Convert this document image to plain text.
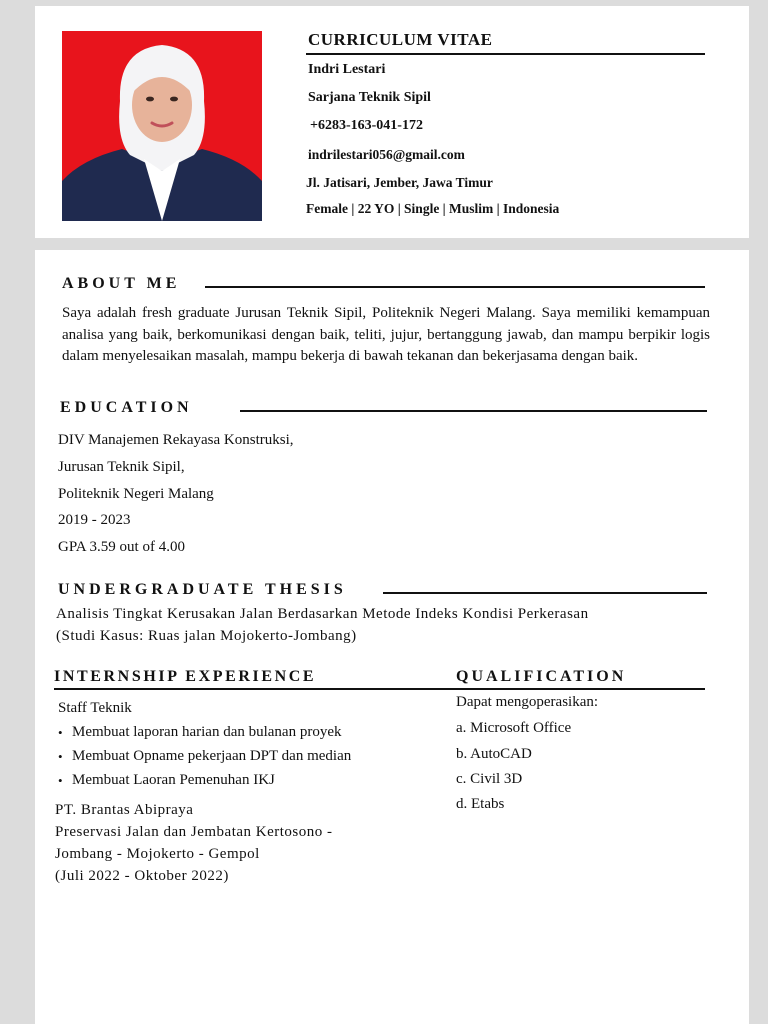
CURRICULUM VITAE
Indri Lestari
Sarjana Teknik Sipil
+6283-163-041-172
indrilestari056@gmail.com
Jl. Jatisari, Jember, Jawa Timur
Female | 22 YO | Single | Muslim | Indonesia
ABOUT ME
Saya adalah fresh graduate Jurusan Teknik Sipil, Politeknik Negeri Malang. Saya memiliki kemampuan analisa yang baik, berkomunikasi dengan baik, teliti, jujur, bertanggung jawab, dan mampu berpikir logis dalam menyelesaikan masalah, mampu bekerja di bawah tekanan dan bekerjasama dengan baik.
EDUCATION
DIV Manajemen Rekayasa Konstruksi,
Jurusan Teknik Sipil,
Politeknik Negeri Malang
2019 - 2023
GPA 3.59 out of 4.00
UNDERGRADUATE THESIS
Analisis Tingkat Kerusakan Jalan Berdasarkan Metode Indeks Kondisi Perkerasan
(Studi Kasus: Ruas jalan Mojokerto-Jombang)
INTERNSHIP EXPERIENCE
Staff Teknik
• Membuat laporan harian dan bulanan proyek
• Membuat Opname pekerjaan DPT dan median
• Membuat Laoran Pemenuhan IKJ
PT. Brantas Abipraya
Preservasi Jalan dan Jembatan Kertosono -
Jombang - Mojokerto - Gempol
(Juli 2022 - Oktober 2022)
QUALIFICATION
Dapat mengoperasikan:
a. Microsoft Office
b. AutoCAD
c. Civil 3D
d. Etabs
